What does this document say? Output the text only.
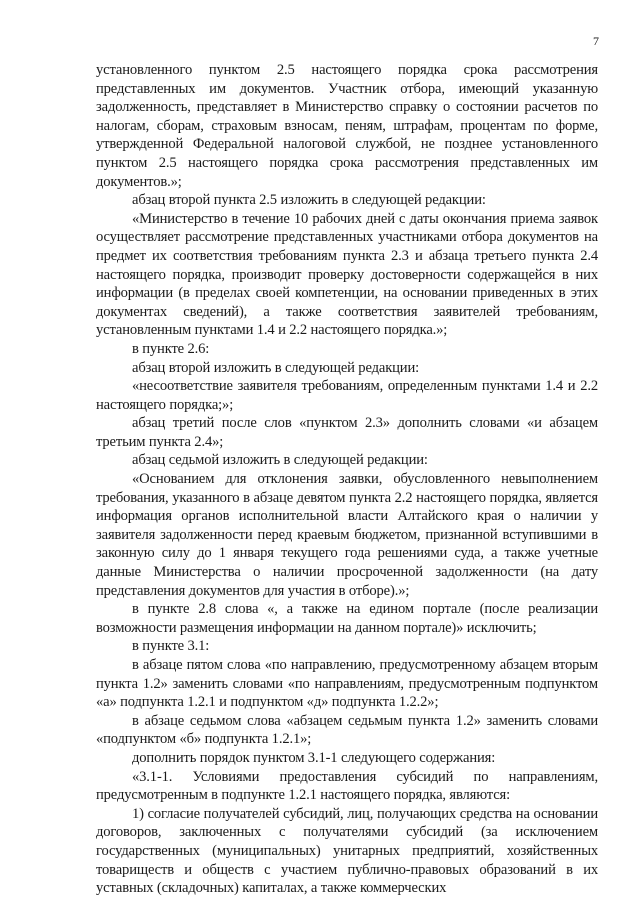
7

установленного пунктом 2.5 настоящего порядка срока рассмотрения представленных им документов. Участник отбора, имеющий указанную задолженность, представляет в Министерство справку о состоянии расчетов по налогам, сборам, страховым взносам, пеням, штрафам, процентам по форме, утвержденной Федеральной налоговой службой, не позднее установленного пунктом 2.5 настоящего порядка срока рассмотрения представленных им документов.»;

абзац второй пункта 2.5 изложить в следующей редакции:

«Министерство в течение 10 рабочих дней с даты окончания приема заявок осуществляет рассмотрение представленных участниками отбора документов на предмет их соответствия требованиям пункта 2.3 и абзаца третьего пункта 2.4 настоящего порядка, производит проверку достоверности содержащейся в них информации (в пределах своей компетенции, на основании приведенных в этих документах сведений), а также соответствия заявителей требованиям, установленным пунктами 1.4 и 2.2 настоящего порядка.»;

в пункте 2.6:

абзац второй изложить в следующей редакции:

«несоответствие заявителя требованиям, определенным пунктами 1.4 и 2.2 настоящего порядка;»;

абзац третий после слов «пунктом 2.3» дополнить словами «и абзацем третьим пункта 2.4»;

абзац седьмой изложить в следующей редакции:

«Основанием для отклонения заявки, обусловленного невыполнением требования, указанного в абзаце девятом пункта 2.2 настоящего порядка, является информация органов исполнительной власти Алтайского края о наличии у заявителя задолженности перед краевым бюджетом, признанной вступившими в законную силу до 1 января текущего года решениями суда, а также учетные данные Министерства о наличии просроченной задолженности (на дату представления документов для участия в отборе).»;

в пункте 2.8 слова «, а также на едином портале (после реализации возможности размещения информации на данном портале)» исключить;

в пункте 3.1:

в абзаце пятом слова «по направлению, предусмотренному абзацем вторым пункта 1.2» заменить словами «по направлениям, предусмотренным подпунктом «а» подпункта 1.2.1 и подпунктом «д» подпункта 1.2.2»;

в абзаце седьмом слова «абзацем седьмым пункта 1.2» заменить словами «подпунктом «б» подпункта 1.2.1»;

дополнить порядок пунктом 3.1-1 следующего содержания:

«3.1-1. Условиями предоставления субсидий по направлениям, предусмотренным в подпункте 1.2.1 настоящего порядка, являются:

1) согласие получателей субсидий, лиц, получающих средства на основании договоров, заключенных с получателями субсидий (за исключением государственных (муниципальных) унитарных предприятий, хозяйственных товариществ и обществ с участием публично-правовых образований в их уставных (складочных) капиталах, а также коммерческих
